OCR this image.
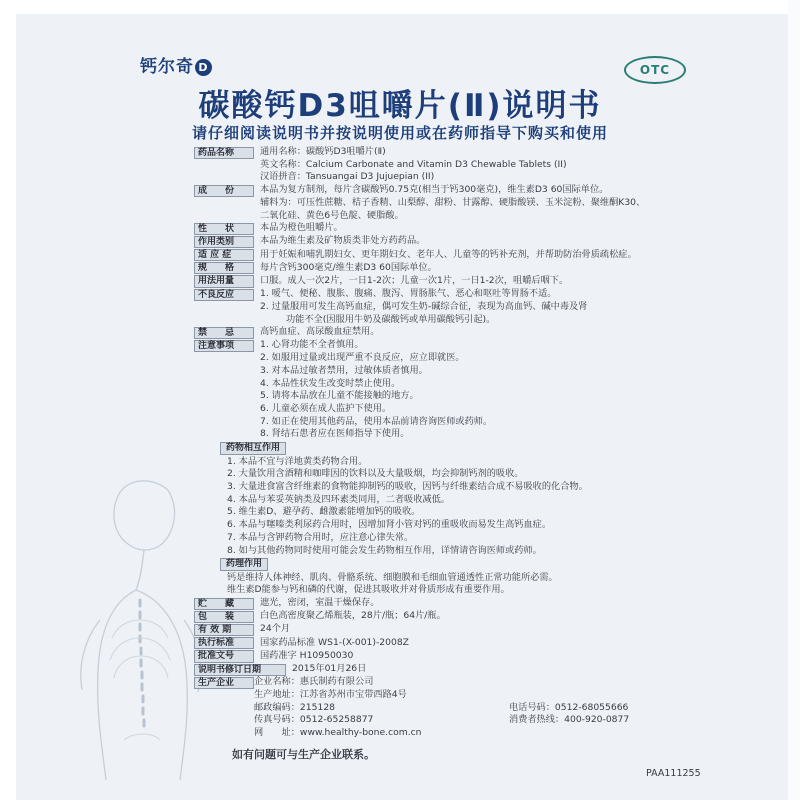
钙尔奇 D	OTC
碳酸钙D3咀嚼片(Ⅱ)说明书
请仔细阅读说明书并按说明使用或在药师指导下购买和使用
药品名称	通用名称：碳酸钙D3咀嚼片(Ⅱ)
英文名称：Calcium Carbonate and Vitamin D3 Chewable Tablets (II)
汉语拼音：Tansuangai D3 Jujuepian (II)
成　　份	本品为复方制剂，每片含碳酸钙0.75克(相当于钙300毫克)，维生素D3 60国际单位。
辅料为：可压性蔗糖、桔子香精、山梨醇、甜粉、甘露醇、硬脂酸镁、玉米淀粉、聚维酮K30、
二氧化硅、黄色6号色靛、硬脂酸。
性　　状	本品为橙色咀嚼片。
作用类别	本品为维生素及矿物质类非处方药药品。
适 应 症	用于妊娠和哺乳期妇女、更年期妇女、老年人、儿童等的钙补充剂，并帮助防治骨质疏松症。
规　　格	每片含钙300毫克/维生素D3 60国际单位。
用法用量	口服。成人一次2片，一日1-2次；儿童一次1片，一日1-2次，咀嚼后咽下。
不良反应	1. 嗳气、便秘、腹胀、腹痛、腹泻、胃肠胀气、恶心和呕吐等胃肠不适。
2. 过量服用可发生高钙血症，偶可发生奶-碱综合征，表现为高血钙、碱中毒及肾
功能不全(因服用牛奶及碳酸钙或单用碳酸钙引起)。
禁　　忌	高钙血症、高尿酸血症禁用。
注意事项	1. 心肾功能不全者慎用。
2. 如服用过量或出现严重不良反应，应立即就医。
3. 对本品过敏者禁用，过敏体质者慎用。
4. 本品性状发生改变时禁止使用。
5. 请将本品放在儿童不能接触的地方。
6. 儿童必须在成人监护下使用。
7. 如正在使用其他药品，使用本品前请咨询医师或药师。
8. 肾结石患者应在医师指导下使用。
药物相互作用
1. 本品不宜与洋地黄类药物合用。
2. 大量饮用含酒精和咖啡因的饮料以及大量吸烟，均会抑制钙剂的吸收。
3. 大量进食富含纤维素的食物能抑制钙的吸收，因钙与纤维素结合成不易吸收的化合物。
4. 本品与苯妥英钠类及四环素类同用，二者吸收减低。
5. 维生素D、避孕药、雌激素能增加钙的吸收。
6. 本品与噻嗪类利尿药合用时，因增加肾小管对钙的重吸收而易发生高钙血症。
7. 本品与含钾药物合用时，应注意心律失常。
8. 如与其他药物同时使用可能会发生药物相互作用，详情请咨询医师或药师。
药理作用
钙是维持人体神经、肌肉、骨骼系统、细胞膜和毛细血管通透性正常功能所必需。
维生素D能参与钙和磷的代谢，促进其吸收并对骨质形成有重要作用。
贮　　藏	遮光，密闭，室温干燥保存。
包　　装	白色高密度聚乙烯瓶装，28片/瓶；64片/瓶。
有 效 期	24个月
执行标准	国家药品标准 WS1-(X-001)-2008Z
批准文号	国药准字 H10950030
说明书修订日期	2015年01月26日
生产企业	企业名称：惠氏制药有限公司
生产地址：江苏省苏州市宝带西路4号
邮政编码：215128	电话号码：0512-68055666
传真号码：0512-65258877	消费者热线：400-920-0877
网　　址：www.healthy-bone.com.cn
如有问题可与生产企业联系。
PAA111255
